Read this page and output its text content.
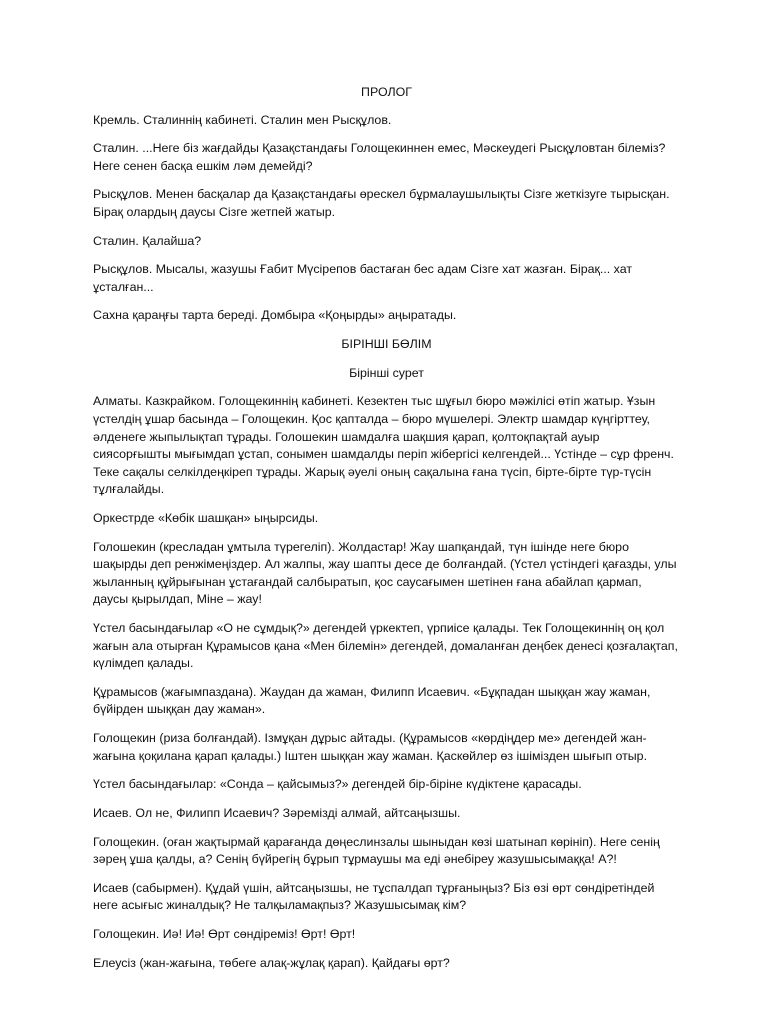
ПРОЛОГ

Кремль. Сталиннің кабинеті. Сталин мен Рысқұлов.

Сталин. ...Неге біз жағдайды Қазақстандағы Голощекиннен емес, Мәскеудегі Рысқұловтан білеміз? Неге сенен басқа ешкім ләм демейді?

Рысқұлов. Менен басқалар да Қазақстандағы өрескел бұрмалаушылықты Сізге жеткізуге тырысқан. Бірақ олардың даусы Сізге жетпей жатыр.

Сталин. Қалайша?

Рысқұлов. Мысалы, жазушы Ғабит Мүсірепов бастаған бес адам Сізге хат жазған. Бірақ... хат ұсталған...

Сахна қараңғы тарта береді. Домбыра «Қоңырды» аңыратады.

БІРІНШІ БӨЛІМ

Бірінші сурет

Алматы. Казкрайком. Голощекиннің кабинеті. Кезектен тыс шұғыл бюро мәжілісі өтіп жатыр. Ұзын үстелдің ұшар басында – Голощекин. Қос қапталда – бюро мүшелері. Электр шамдар күңгірттеу, әлденеге жыпылықтап тұрады. Голошекин шамдалға шақшия қарап, қолтоқпақтай ауыр сиясорғышты мығымдап ұстап, сонымен шамдалды періп жібергісі келгендей... Үстінде – сұр френч. Теке сақалы селкілдеңкіреп тұрады. Жарық әуелі оның сақалына ғана түсіп, бірте-бірте түр-түсін тұлғалайды.

Оркестрде «Көбік шашқан» ыңырсиды.

Голошекин (кресладан ұмтыла түрегеліп). Жолдастар! Жау шапқандай, түн ішінде неге бюро шақырды деп ренжімеңіздер. Ал жалпы, жау шапты десе де болғандай. (Үстел үстіндегі қағазды, улы жыланның құйрығынан ұстағандай салбыратып, қос саусағымен шетінен ғана абайлап қармап, даусы қырылдап, Міне – жау!

Үстел басындағылар «О не сұмдық?» дегендей үркектеп, үрпиісе қалады. Тек Голощекиннің оң қол жағын ала отырған Құрамысов қана «Мен білемін» дегендей, домаланған деңбек денесі қозғалақтап, күлімдеп қалады.

Құрамысов (жағымпаздана). Жаудан да жаман, Филипп Исаевич. «Бұқпадан шыққан жау жаман, бүйірден шыққан дау жаман».

Голощекин (риза болғандай). Ізмұқан дұрыс айтады. (Құрамысов «көрдіңдер ме» дегендей жан-жағына қоқилана қарап қалады.) Іштен шыққан жау жаман. Қаскөйлер өз ішімізден шығып отыр.

Үстел басындағылар: «Сонда – қайсымыз?» дегендей бір-біріне күдіктене қарасады.

Исаев. Ол не, Филипп Исаевич? Зәремізді алмай, айтсаңызшы.

Голощекин. (оған жақтырмай қарағанда дөңеслинзалы шыныдан көзі шатынап көрініп). Неге сенің зәрең ұша қалды, а? Сенің бүйрегің бұрып тұрмаушы ма еді әнебіреу жазушысымаққа! А?!

Исаев (сабырмен). Құдай үшін, айтсаңызшы, не тұспалдап тұрғаныңыз? Біз өзі өрт сөндіретіндей неге асығыс жиналдық? Не талқыламақпыз? Жазушысымақ кім?

Голощекин. Иә! Иә! Өрт сөндіреміз! Өрт! Өрт!

Елеусіз (жан-жағына, төбеге алақ-жұлақ қарап). Қайдағы өрт?
